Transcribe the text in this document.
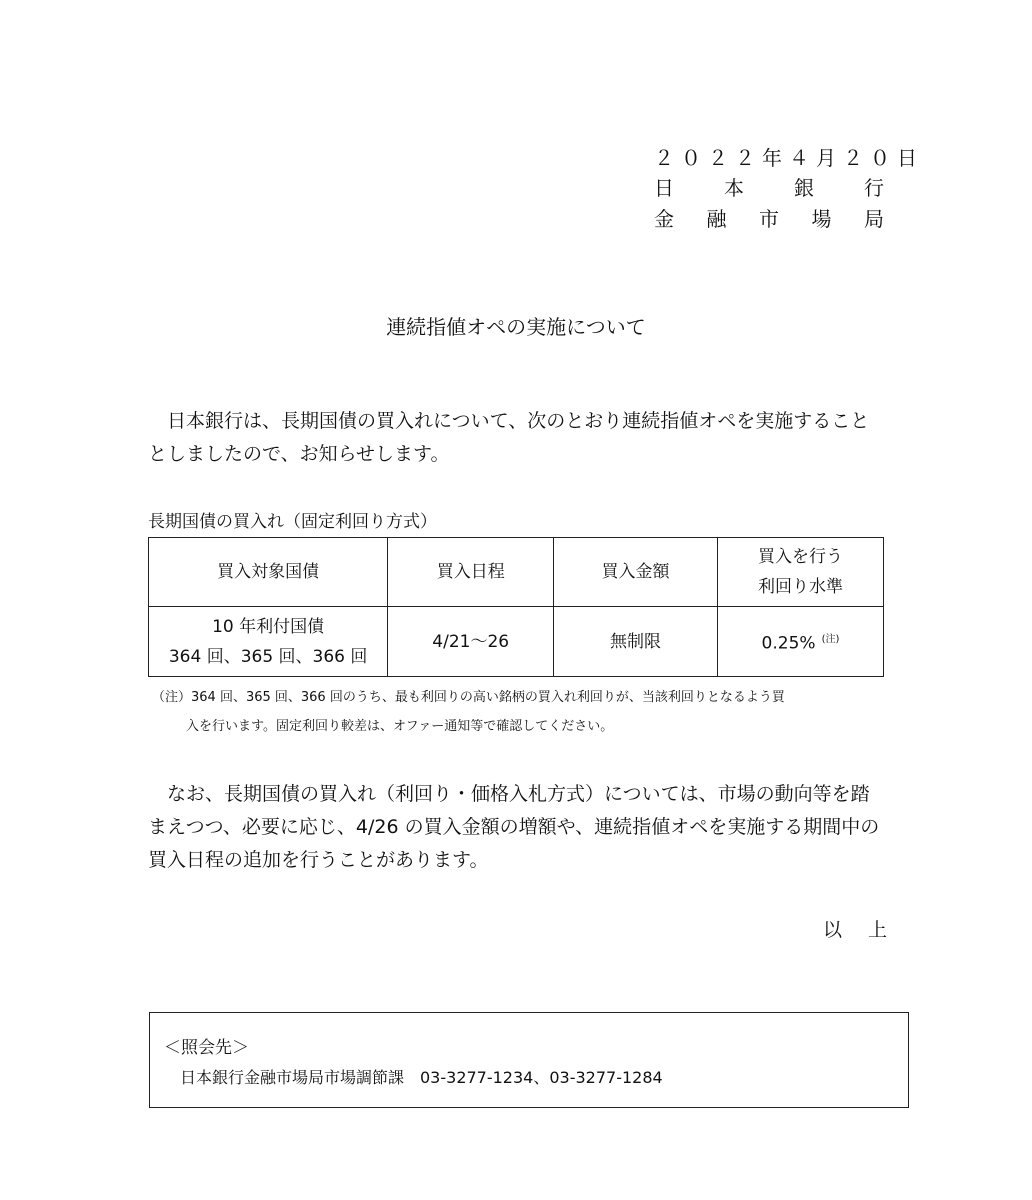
２０２２年４月２０日
日	本	銀	行
金 融 市 場 局
連続指値オペの実施について
　日本銀行は、長期国債の買入れについて、次のとおり連続指値オペを実施することとしましたので、お知らせします。
長期国債の買入れ（固定利回り方式）
買入対象国債	買入日程	買入金額	買入を行う
利回り水準

10 年利付国債
364 回、365 回、366 回	4/21～26	無制限	0.25% $^{(注)}$
（注）364 回、365 回、366 回のうち、最も利回りの高い銘柄の買入れ利回りが、当該利回りとなるよう買
入を行います。固定利回り較差は、オファー通知等で確認してください。
　なお、長期国債の買入れ（利回り・価格入札方式）については、市場の動向等を踏まえつつ、必要に応じ、4/26 の買入金額の増額や、連続指値オペを実施する期間中の買入日程の追加を行うことがあります。
以 上
＜照会先＞
日本銀行金融市場局市場調節課　03-3277-1234、03-3277-1284
